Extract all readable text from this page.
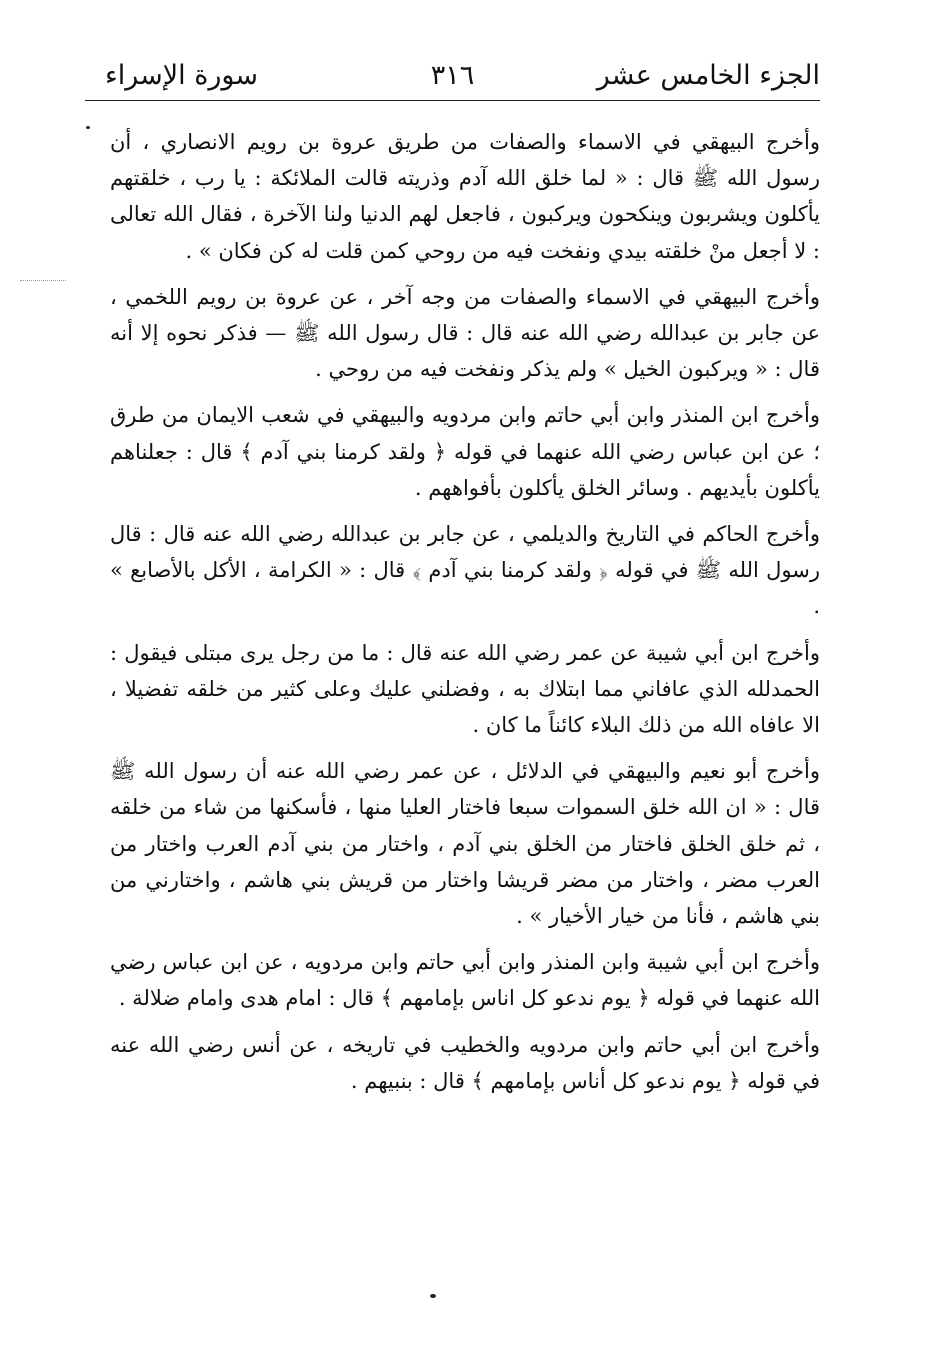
الجزء الخامس عشر
٣١٦
سورة الإسراء

وأخرج البيهقي في الاسماء والصفات من طريق عروة بن رويم الانصاري ، أن رسول الله ﷺ قال : « لما خلق الله آدم وذريته قالت الملائكة : يا رب ، خلقتهم يأكلون ويشربون وينكحون ويركبون ، فاجعل لهم الدنيا ولنا الآخرة ، فقال الله تعالى : لا أجعل منْ خلقته بيدي ونفخت فيه من روحي كمن قلت له كن فكان » .

وأخرج البيهقي في الاسماء والصفات من وجه آخر ، عن عروة بن رويم اللخمي ، عن جابر بن عبدالله رضي الله عنه قال : قال رسول الله ﷺ — فذكر نحوه إلا أنه قال : « ويركبون الخيل » ولم يذكر ونفخت فيه من روحي .

وأخرج ابن المنذر وابن أبي حاتم وابن مردويه والبيهقي في شعب الايمان من طرق ؛ عن ابن عباس رضي الله عنهما في قوله ﴿ ولقد كرمنا بني آدم ﴾ قال : جعلناهم يأكلون بأيديهم . وسائر الخلق يأكلون بأفواههم .

وأخرج الحاكم في التاريخ والديلمي ، عن جابر بن عبدالله رضي الله عنه قال : قال رسول الله ﷺ في قوله ﴿ ولقد كرمنا بني آدم ﴾ قال : « الكرامة ، الأكل بالأصابع » .

وأخرج ابن أبي شيبة عن عمر رضي الله عنه قال : ما من رجل يرى مبتلى فيقول : الحمدلله الذي عافاني مما ابتلاك به ، وفضلني عليك وعلى كثير من خلقه تفضيلا ، الا عافاه الله من ذلك البلاء كائناً ما كان .

وأخرج أبو نعيم والبيهقي في الدلائل ، عن عمر رضي الله عنه أن رسول الله ﷺ قال : « ان الله خلق السموات سبعا فاختار العليا منها ، فأسكنها من شاء من خلقه ، ثم خلق الخلق فاختار من الخلق بني آدم ، واختار من بني آدم العرب واختار من العرب مضر ، واختار من مضر قريشا واختار من قريش بني هاشم ، واختارني من بني هاشم ، فأنا من خيار الأخيار » .

وأخرج ابن أبي شيبة وابن المنذر وابن أبي حاتم وابن مردويه ، عن ابن عباس رضي الله عنهما في قوله ﴿ يوم ندعو كل اناس بإمامهم ﴾ قال : امام هدى وامام ضلالة .

وأخرج ابن أبي حاتم وابن مردويه والخطيب في تاريخه ، عن أنس رضي الله عنه في قوله ﴿ يوم ندعو كل أناس بإمامهم ﴾ قال : بنبيهم .
